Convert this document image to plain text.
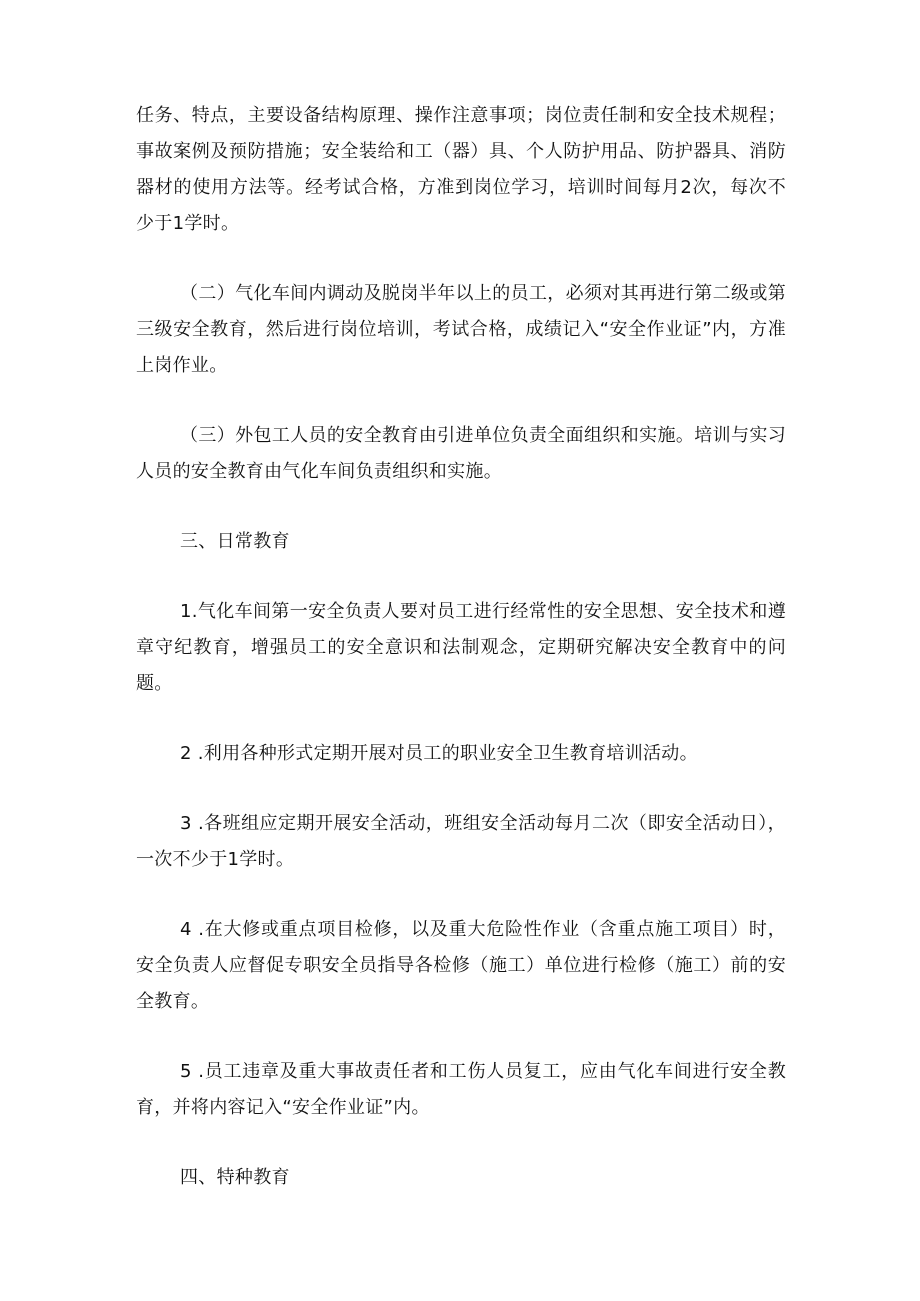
任务、特点，主要设备结构原理、操作注意事项；岗位责任制和安全技术规程；事故案例及预防措施；安全装给和工（器）具、个人防护用品、防护器具、消防器材的使用方法等。经考试合格，方准到岗位学习，培训时间每月2次，每次不少于1学时。

（二）气化车间内调动及脱岗半年以上的员工，必须对其再进行第二级或第三级安全教育，然后进行岗位培训，考试合格，成绩记入“安全作业证”内，方准上岗作业。

（三）外包工人员的安全教育由引进单位负责全面组织和实施。培训与实习人员的安全教育由气化车间负责组织和实施。

三、日常教育

1.气化车间第一安全负责人要对员工进行经常性的安全思想、安全技术和遵章守纪教育，增强员工的安全意识和法制观念，定期研究解决安全教育中的问题。

2 .利用各种形式定期开展对员工的职业安全卫生教育培训活动。

3 .各班组应定期开展安全活动，班组安全活动每月二次（即安全活动日），一次不少于1学时。

4 .在大修或重点项目检修，以及重大危险性作业（含重点施工项目）时，安全负责人应督促专职安全员指导各检修（施工）单位进行检修（施工）前的安全教育。

5 .员工违章及重大事故责任者和工伤人员复工，应由气化车间进行安全教育，并将内容记入“安全作业证”内。

四、特种教育
